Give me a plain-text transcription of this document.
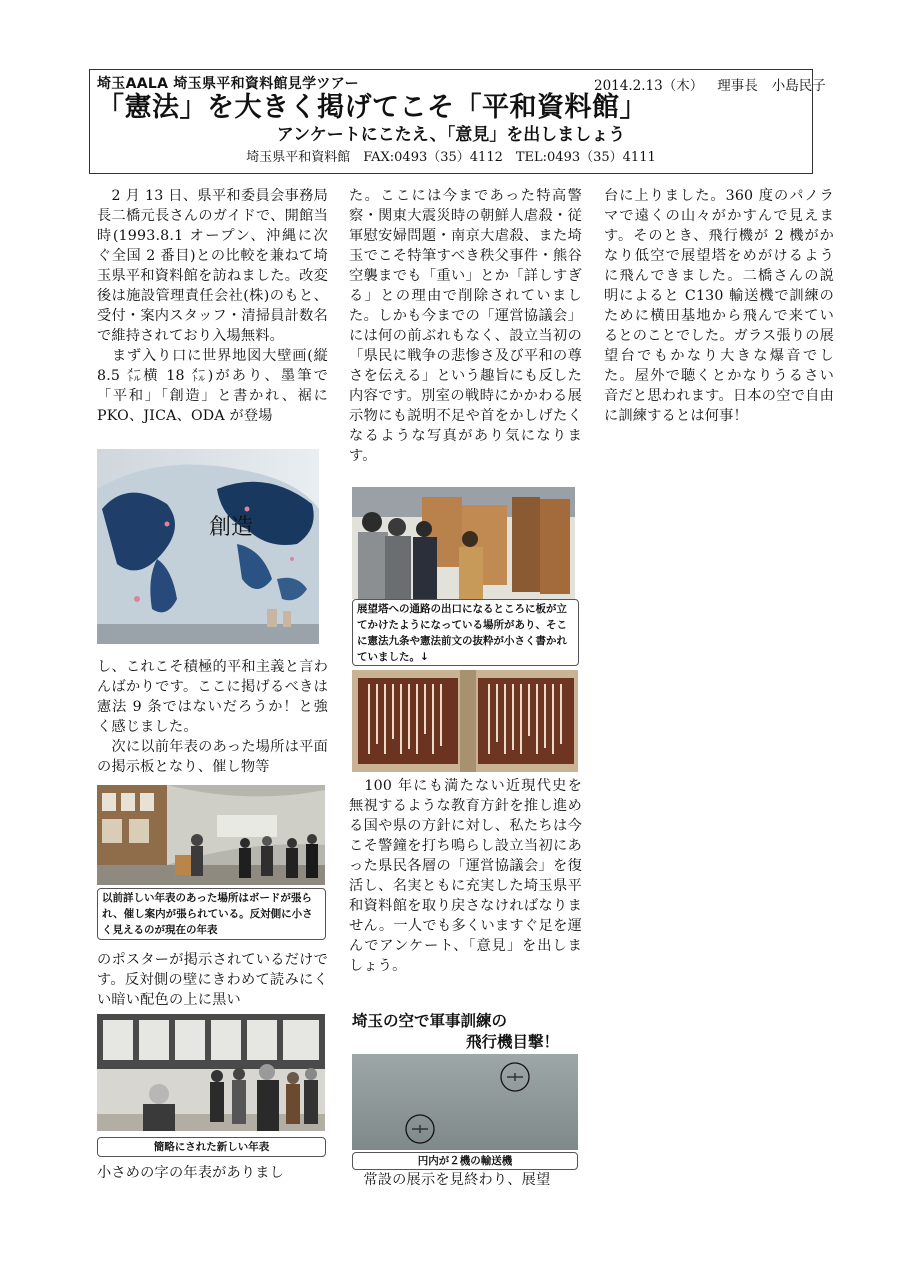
埼玉AALA 埼玉県平和資料館見学ツアー	2014.2.13（木） 理事長 小島民子
「憲法」を大きく掲げてこそ「平和資料館」
アンケートにこたえ、「意見」を出しましょう
埼玉県平和資料館　FAX:0493（35）4112　TEL:0493（35）4111
　2 月 13 日、県平和委員会事務局長二橋元長さんのガイドで、開館当時(1993.8.1 オープン、沖縄に次ぐ全国 2 番目)との比較を兼ねて埼玉県平和資料館を訪ねました。改変後は施設管理責任会社(株)のもと、受付・案内スタッフ・清掃員計数名で維持されており入場無料。
　まず入り口に世界地図大壁画(縦 8.5 ㍍横 18 ㍍)があり、墨筆で「平和」「創造」と書かれ、裾に PKO、JICA、ODA が登場
創造
し、これこそ積極的平和主義と言わんばかりです。ここに掲げるべきは憲法 9 条ではないだろうか！と強く感じました。
　次に以前年表のあった場所は平面の掲示板となり、催し物等
以前詳しい年表のあった場所はボードが張られ、催し案内が張られている。反対側に小さく見えるのが現在の年表
のポスターが掲示されているだけです。反対側の壁にきわめて読みにくい暗い配色の上に黒い
簡略にされた新しい年表
小さめの字の年表がありまし
た。ここには今まであった特高警察・関東大震災時の朝鮮人虐殺・従軍慰安婦問題・南京大虐殺、また埼玉でこそ特筆すべき秩父事件・熊谷空襲までも「重い」とか「詳しすぎる」との理由で削除されていました。しかも今までの「運営協議会」には何の前ぶれもなく、設立当初の「県民に戦争の悲惨さ及び平和の尊さを伝える」という趣旨にも反した内容です。別室の戦時にかかわる展示物にも説明不足や首をかしげたくなるような写真があり気になります。
展望塔への通路の出口になるところに板が立てかけたようになっている場所があり、そこに憲法九条や憲法前文の抜粋が小さく書かれていました。↓
　100 年にも満たない近現代史を無視するような教育方針を推し進める国や県の方針に対し、私たちは今こそ警鐘を打ち鳴らし設立当初にあった県民各層の「運営協議会」を復活し、名実ともに充実した埼玉県平和資料館を取り戻さなければなりません。一人でも多くいますぐ足を運んでアンケート、「意見」を出しましょう。
埼玉の空で軍事訓練の
飛行機目撃！
円内が２機の輸送機
　常設の展示を見終わり、展望
台に上りました。360 度のパノラマで遠くの山々がかすんで見えます。そのとき、飛行機が 2 機がかなり低空で展望塔をめがけるように飛んできました。二橋さんの説明によると C130 輸送機で訓練のために横田基地から飛んで来ているとのことでした。ガラス張りの展望台でもかなり大きな爆音でした。屋外で聴くとかなりうるさい音だと思われます。日本の空で自由に訓練するとは何事！
